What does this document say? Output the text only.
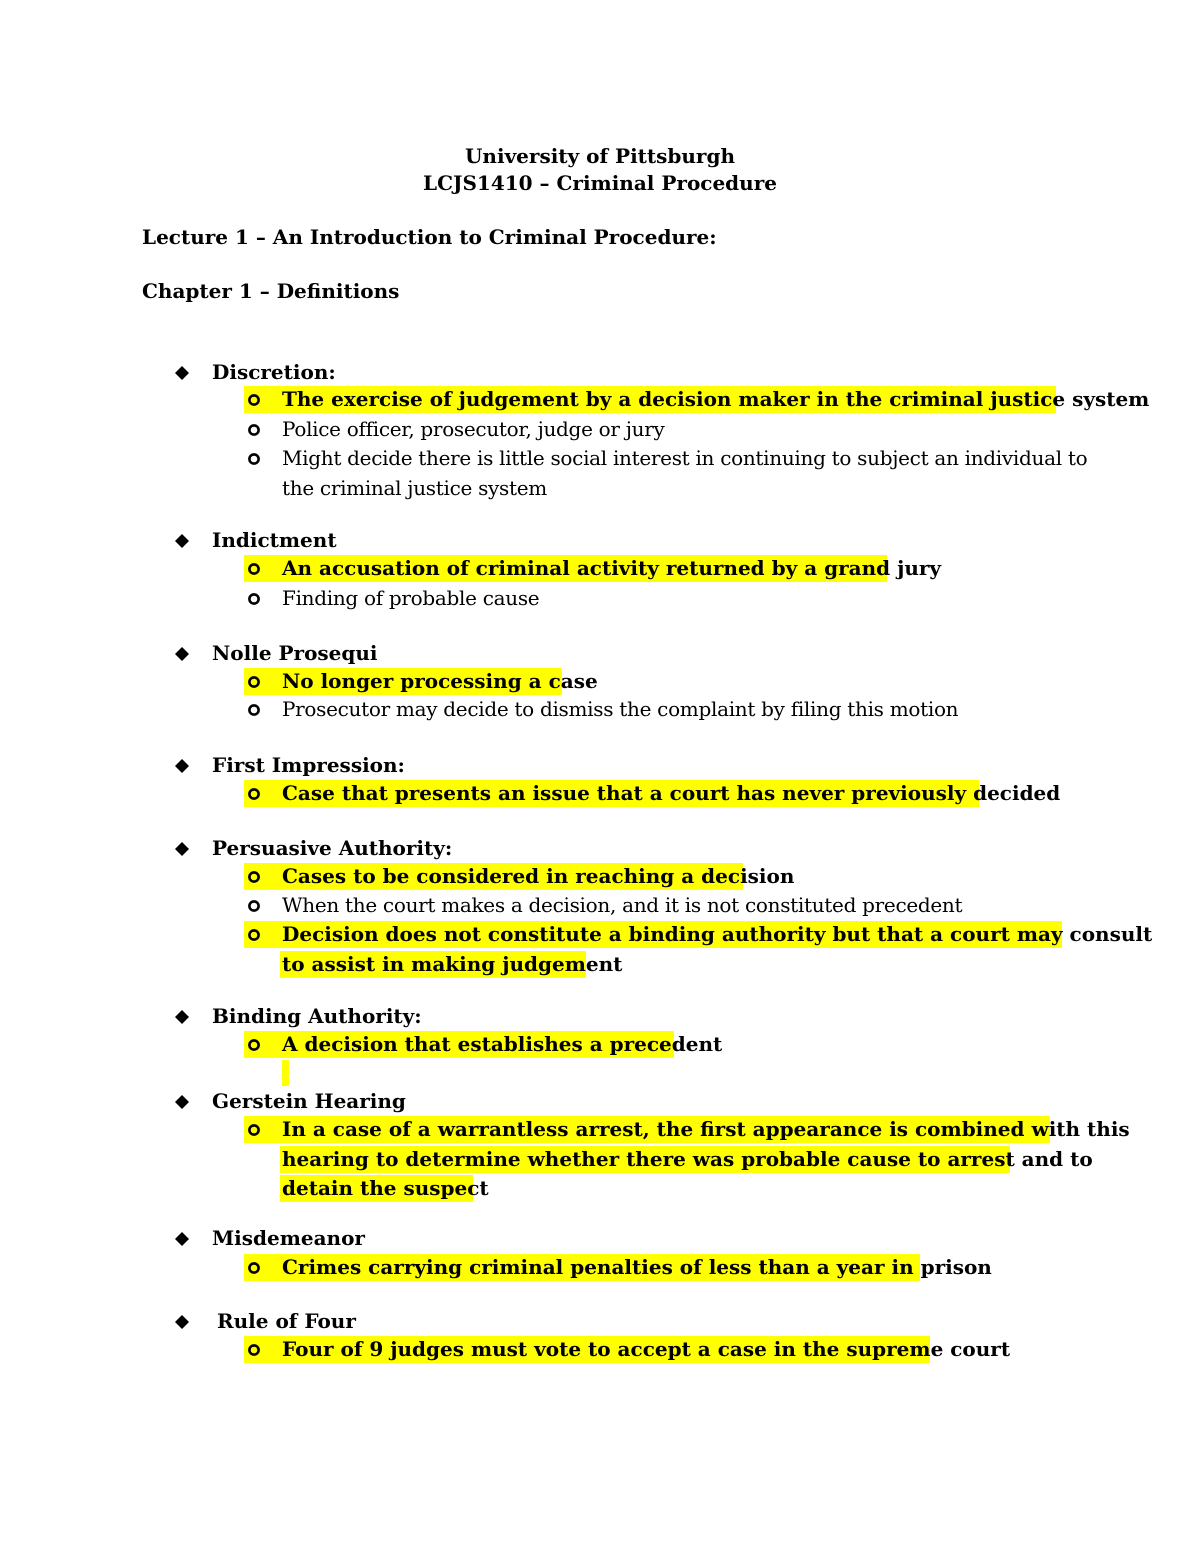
University of Pittsburgh
LCJS1410 – Criminal Procedure
Lecture 1 – An Introduction to Criminal Procedure:
Chapter 1 – Definitions
Discretion:
The exercise of judgement by a decision maker in the criminal justice system
Police officer, prosecutor, judge or jury
Might decide there is little social interest in continuing to subject an individual to
the criminal justice system
Indictment
An accusation of criminal activity returned by a grand jury
Finding of probable cause
Nolle Prosequi
No longer processing a case
Prosecutor may decide to dismiss the complaint by filing this motion
First Impression:
Case that presents an issue that a court has never previously decided
Persuasive Authority:
Cases to be considered in reaching a decision
When the court makes a decision, and it is not constituted precedent
Decision does not constitute a binding authority but that a court may consult
to assist in making judgement
Binding Authority:
A decision that establishes a precedent
Gerstein Hearing
In a case of a warrantless arrest, the first appearance is combined with this
hearing to determine whether there was probable cause to arrest and to
detain the suspect
Misdemeanor
Crimes carrying criminal penalties of less than a year in prison
Rule of Four
Four of 9 judges must vote to accept a case in the supreme court
